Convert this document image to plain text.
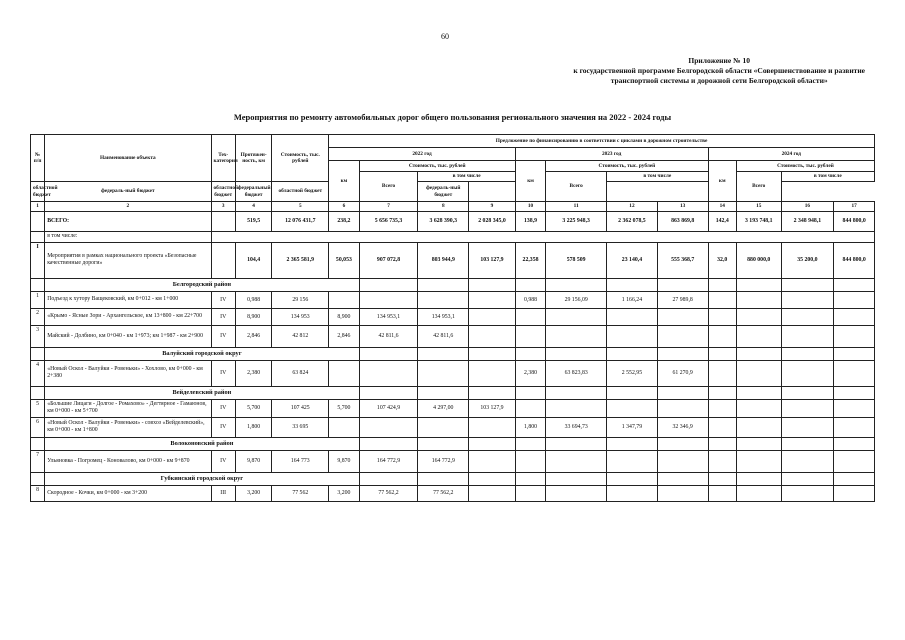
60
Приложение № 10
к государственной программе Белгородской области «Совершенствование и развитие
транспортной системы и дорожной сети Белгородской области»
Мероприятия по ремонту автомобильных дорог общего пользования регионального значения на 2022 - 2024 годы
№ п/п	Наименование объекта	Тех-категория	Протяжен-ность, км	Стоимость, тыс. рублей	Предложение по финансированию в соответствии с циклами в дорожном строительстве											
					2022 год				2023 год				2024 год			
					км	Стоимость, тыс. рублей			км	Стоимость, тыс. рублей			км	Стоимость, тыс. рублей		
						Всего	в том числе			Всего	в том числе			Всего	в том числе	
областной бюджет	федераль-ный бюджет	областной бюджет	федеральный бюджет	областной бюджет			федераль-ный бюджет									
1	2	3	4	5	6	7	8	9	10	11	12	13	14	15	16	17
	ВСЕГО:		519,5	12 076 431,7	238,2	5 656 735,3	3 628 390,3	2 028 345,0	138,9	3 225 948,3	2 362 078,5	863 869,8	142,4	3 193 748,1	2 348 948,1	844 800,0
	в том числе:															
I	Мероприятия в рамках национального проекта «Безопасные качественные дороги»		104,4	2 365 581,9	50,053	907 072,8	803 944,9	103 127,9	22,358	578 509	23 140,4	555 368,7	32,0	880 000,0	35 200,0	844 800,0
	Белгородский район															
1	Подъезд к хутору Ващековский, км 0+012 - км 1+000	IV	0,988	29 156					0,988	29 156,09	1 166,24	27 989,8				
2	«Крымо - Ясные Зори - Архангельское, км 13+800 - км 22+700	IV	8,900	134 953	8,900	134 953,1	134 953,1									
3	Майский - Долбино, км 0+040 - км 1+973; км 1+987 - км 2+900	IV	2,846	42 812	2,846	42 811,6	42 811,6									
	Валуйский городской округ															
4	«Новый Оскол - Валуйки - Ровеньки» - Хохлово, км 0+000 - км 2+380	IV	2,380	63 824					2,380	63 823,83	2 552,95	61 270,9				
	Вейделевский район															
5	«Большие Лицаги - Долгое - Ромахово» - Дегтярное - Гамаюнов, км 0+000 - км 5+700	IV	5,700	107 425	5,700	107 424,9	4 297,00	103 127,9								
6	«Новый Оскол - Валуйки - Ровеньки» - совхоз «Вейделевский», км 0+000 - км 1+800	IV	1,800	33 695					1,800	33 694,73	1 347,79	32 346,9				
	Волоконовский район															
7	Ульяновка - Погромец - Коновалово, км 0+000 - км 9+870	IV	9,870	164 773	9,870	164 772,9	164 772,9									
	Губкинский городской округ															
8	Скородное - Кочки, км 0+000 - км 3+200	III	3,200	77 562	3,200	77 562,2	77 562,2									
